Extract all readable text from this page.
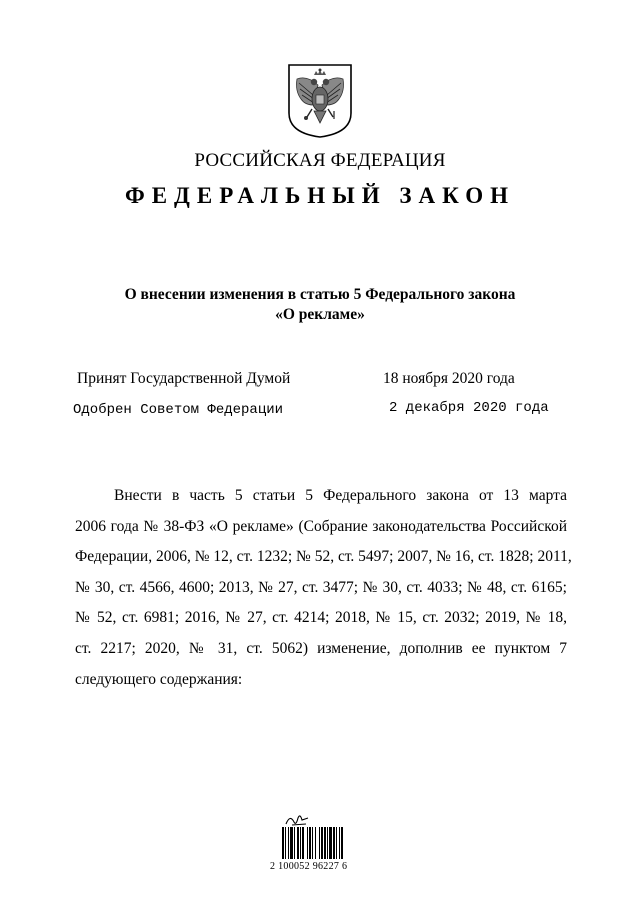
РОССИЙСКАЯ ФЕДЕРАЦИЯ
ФЕДЕРАЛЬНЫЙ ЗАКОН
О внесении изменения в статью 5 Федерального закона
«О рекламе»
Принят Государственной Думой	18 ноября 2020 года
Одобрен Советом Федерации	2 декабря 2020 года
Внести в часть 5 статьи 5 Федерального закона от 13 марта
2006 года № 38-ФЗ «О рекламе» (Собрание законодательства Российской
Федерации, 2006, № 12, ст. 1232; № 52, ст. 5497; 2007, № 16, ст. 1828; 2011,
№ 30, ст. 4566, 4600; 2013, № 27, ст. 3477; № 30, ст. 4033; № 48, ст. 6165;
№ 52, ст. 6981; 2016, № 27, ст. 4214; 2018, № 15, ст. 2032; 2019, № 18,
ст. 2217; 2020, № 31, ст. 5062) изменение, дополнив ее пунктом 7
следующего содержания:
2 100052 96227 6
